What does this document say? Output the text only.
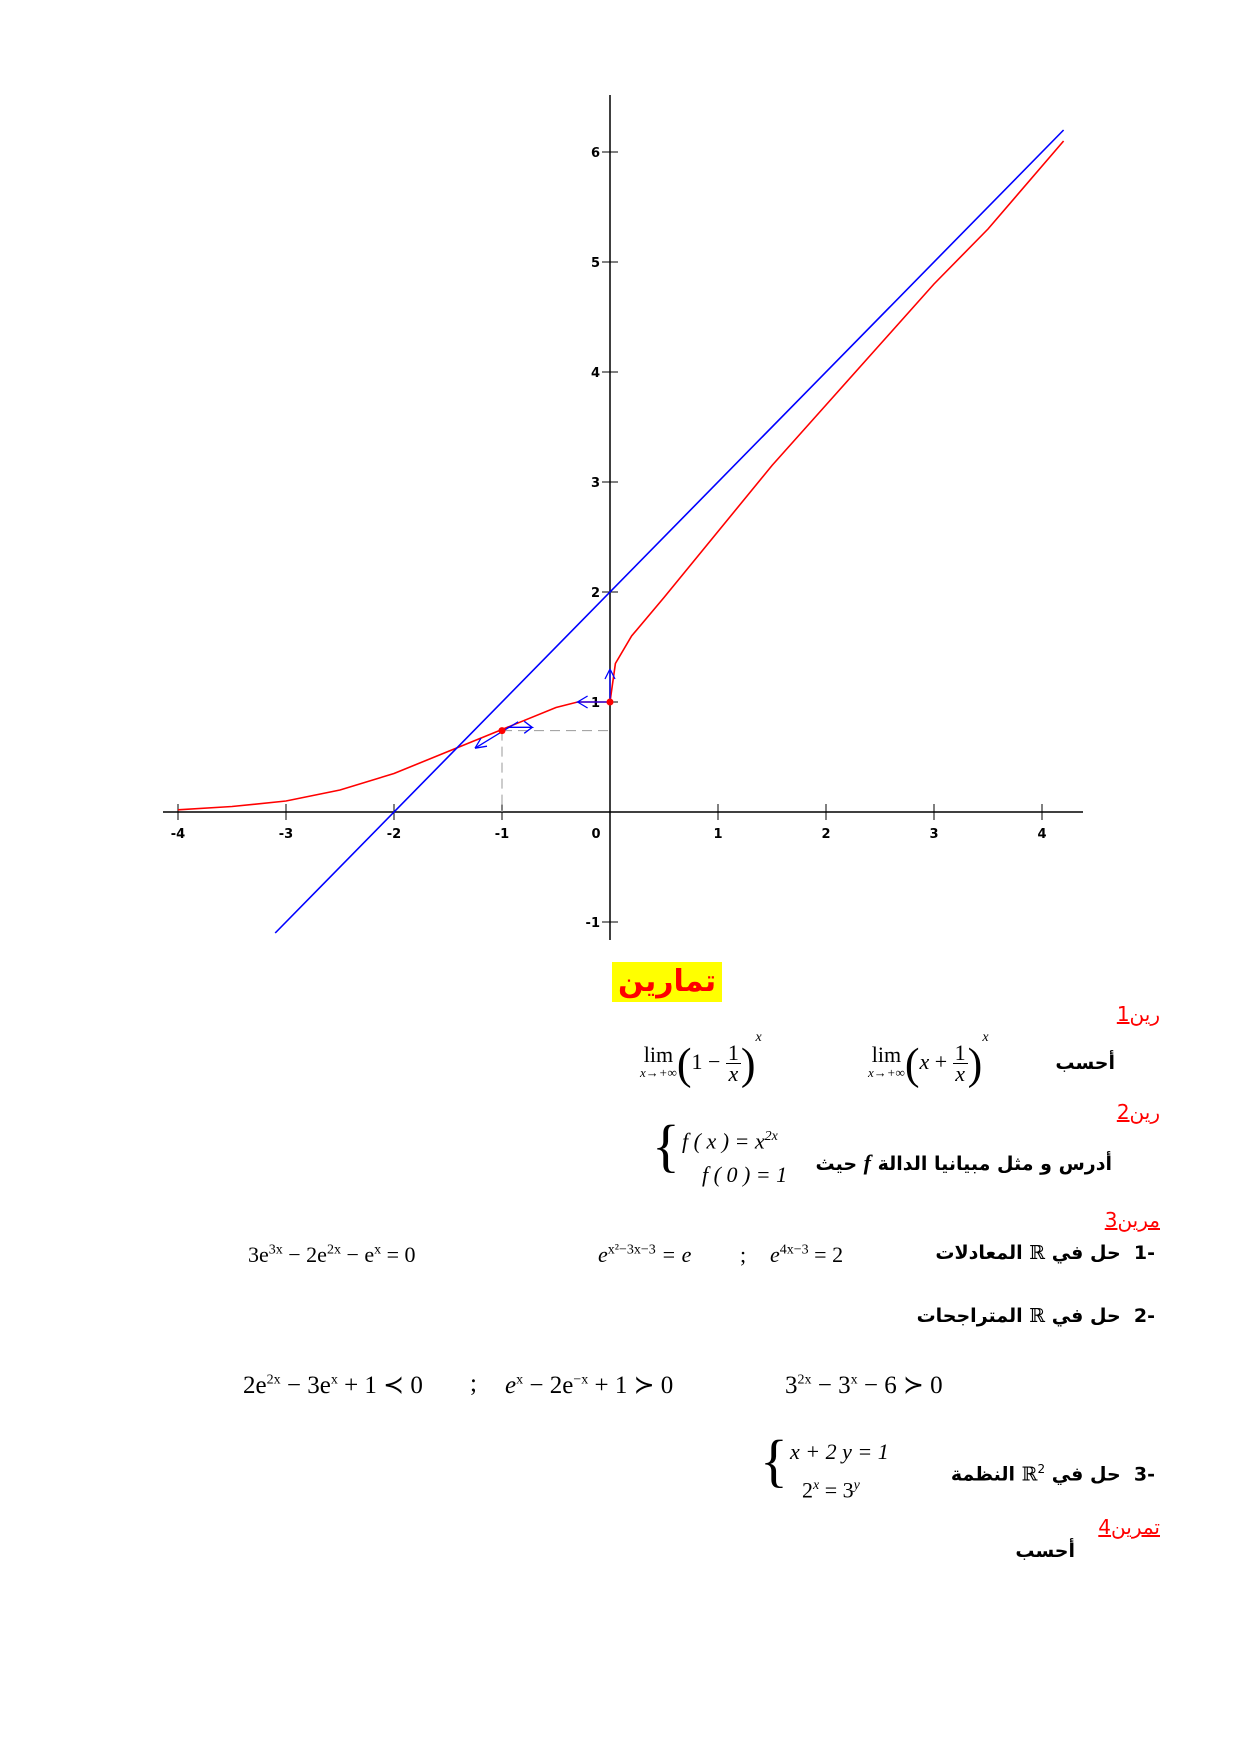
-4	-3	-2	-1	0	1	2	3	4
-1
1
2
3
4
5
6
تمارين
رين1
أحسب
lim
x→+∞ $(x + \frac{1}{x} )^x$
lim
x→+∞ $(1 - \frac{1}{x} )^x$
رين2
أدرس و مثل مبيانيا الدالة f حيث
{ f ( x ) = $x^{2x}$
f ( 0 ) = 1
مرين3
-1  حل في ℝ المعادلات
$e^{4x-3} = 2$
;
$e^{x^2-3x-3} = e$
$3e^{3x} - 2e^{2x} - e^x = 0$
-2  حل في ℝ المتراجحات
$3^{2x} - 3^x - 6$ ≻ 0
$e^x - 2e^{-x} + 1$ ≻ 0
;
$2e^{2x} - 3e^x + 1$ ≺ 0
-3  حل في ℝ$^2$ النظمة
{ x + 2 y = 1
$2^x = 3^y$
تمرين4
أحسب
